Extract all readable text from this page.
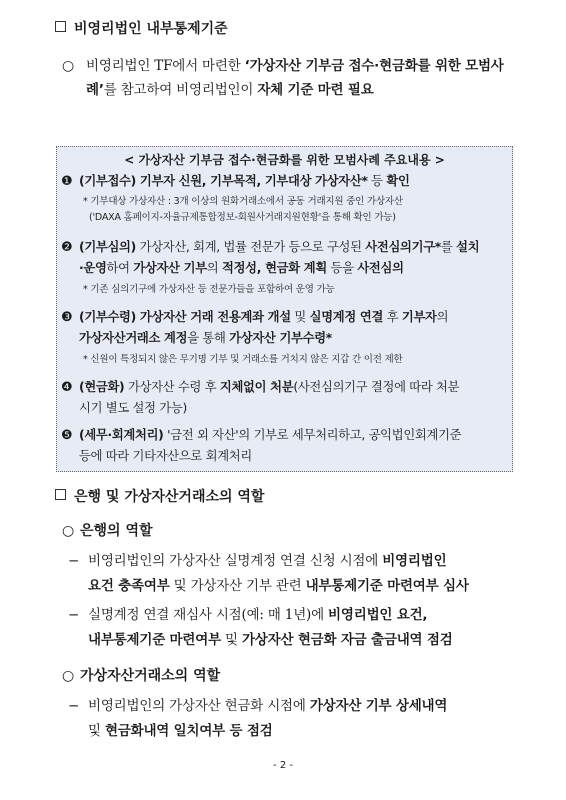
비영리법인 내부통제기준
○ 비영리법인 TF에서 마련한 ‘가상자산 기부금 접수·현금화를 위한 모범사례’를 참고하여 비영리법인이 자체 기준 마련 필요
< 가상자산 기부금 접수·현금화를 위한 모범사례 주요내용 >
❶ (기부접수) 기부자 신원, 기부목적, 기부대상 가상자산* 등 확인
* 기부대상 가상자산 : 3개 이상의 원화거래소에서 공동 거래지원 중인 가상자산
('DAXA 홈페이지-자율규제통합정보-회원사거래지원현황'을 통해 확인 가능)
❷ (기부심의) 가상자산, 회계, 법률 전문가 등으로 구성된 사전심의기구*를 설치
·운영하여 가상자산 기부의 적정성, 현금화 계획 등을 사전심의
* 기존 심의기구에 가상자산 등 전문가들을 포함하여 운영 가능
❸ (기부수령) 가상자산 거래 전용계좌 개설 및 실명계정 연결 후 기부자의
가상자산거래소 계정을 통해 가상자산 기부수령*
* 신원이 특정되지 않은 무기명 기부 및 거래소를 거치지 않은 지갑 간 이전 제한
❹ (현금화) 가상자산 수령 후 지체없이 처분(사전심의기구 결정에 따라 처분
시기 별도 설정 가능)
❺ (세무·회계처리) '금전 외 자산'의 기부로 세무처리하고, 공익법인회계기준
등에 따라 기타자산으로 회계처리
은행 및 가상자산거래소의 역할
○ 은행의 역할
− 비영리법인의 가상자산 실명계정 연결 신청 시점에 비영리법인
요건 충족여부 및 가상자산 기부 관련 내부통제기준 마련여부 심사
− 실명계정 연결 재심사 시점(예: 매 1년)에 비영리법인 요건,
내부통제기준 마련여부 및 가상자산 현금화 자금 출금내역 점검
○ 가상자산거래소의 역할
− 비영리법인의 가상자산 현금화 시점에 가상자산 기부 상세내역
및 현금화내역 일치여부 등 점검
- 2 -
